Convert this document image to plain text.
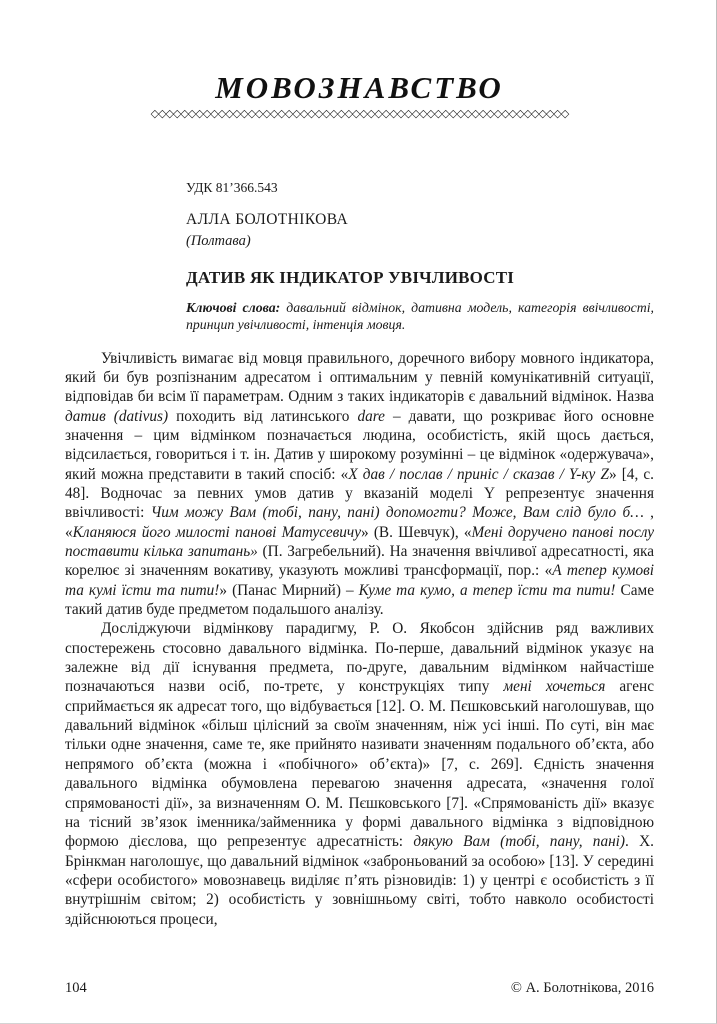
МОВОЗНАВСТВО
◇◇◇◇◇◇◇◇◇◇◇◇◇◇◇◇◇◇◇◇◇◇◇◇◇◇◇◇◇◇◇◇◇◇◇◇◇◇◇◇◇◇◇◇◇◇◇◇◇◇◇◇◇◇◇◇
УДК 81’366.543
АЛЛА БОЛОТНІКОВА
(Полтава)
ДАТИВ ЯК ІНДИКАТОР УВІЧЛИВОСТІ

Ключові слова: давальний відмінок, дативна модель, категорія ввічливості, принцип увічливості, інтенція мовця.

Увічливість вимагає від мовця правильного, доречного вибору мовного індикатора, який би був розпізнаним адресатом і оптимальним у певній комунікативній ситуації, відповідав би всім її параметрам. Одним з таких індикаторів є давальний відмінок. Назва датив (dativus) походить від латинського dare – давати, що розкриває його основне значення – цим відмінком позначається людина, особистість, якій щось дається, відсилається, говориться і т. ін. Датив у широкому розумінні – це відмінок «одержувача», який можна представити в такий спосіб: «Х дав / послав / приніс / сказав / Y-ку Z» [4, с. 48]. Водночас за певних умов датив у вказаній моделі Y репрезентує значення ввічливості: Чим можу Вам (тобі, пану, пані) допомогти? Може, Вам слід було б… , «Кланяюся його милості панові Матусевичу» (В. Шевчук), «Мені доручено панові послу поставити кілька запитань» (П. Загребельний). На значення ввічливої адресатності, яка корелює зі значенням вокативу, указують можливі трансформації, пор.: «А тепер кумові та кумі їсти та пити!» (Панас Мирний) – Куме та кумо, а тепер їсти та пити! Саме такий датив буде предметом подальшого аналізу.

Досліджуючи відмінкову парадигму, Р. О. Якобсон здійснив ряд важливих спостережень стосовно давального відмінка. По-перше, давальний відмінок указує на залежне від дії існування предмета, по-друге, давальним відмінком найчастіше позначаються назви осіб, по-третє, у конструкціях типу мені хочеться агенс сприймається як адресат того, що відбувається [12]. О. М. Пєшковський наголошував, що давальний відмінок «більш цілісний за своїм значенням, ніж усі інші. По суті, він має тільки одне значення, саме те, яке прийнято називати значенням подального об’єкта, або непрямого об’єкта (можна і «побічного» об’єкта)» [7, с. 269]. Єдність значення давального відмінка обумовлена перевагою значення адресата, «значення голої спрямованості дії», за визначенням О. М. Пєшковського [7]. «Спрямованість дії» вказує на тісний зв’язок іменника/займенника у формі давального відмінка з відповідною формою дієслова, що репрезентує адресатність: дякую Вам (тобі, пану, пані). Х. Брінкман наголошує, що давальний відмінок «заброньований за особою» [13]. У середині «сфери особистого» мовознавець виділяє п’ять різновидів: 1) у центрі є особистість з її внутрішнім світом; 2) особистість у зовнішньому світі, тобто навколо особистості здійснюються процеси,

104	© А. Болотнікова, 2016
